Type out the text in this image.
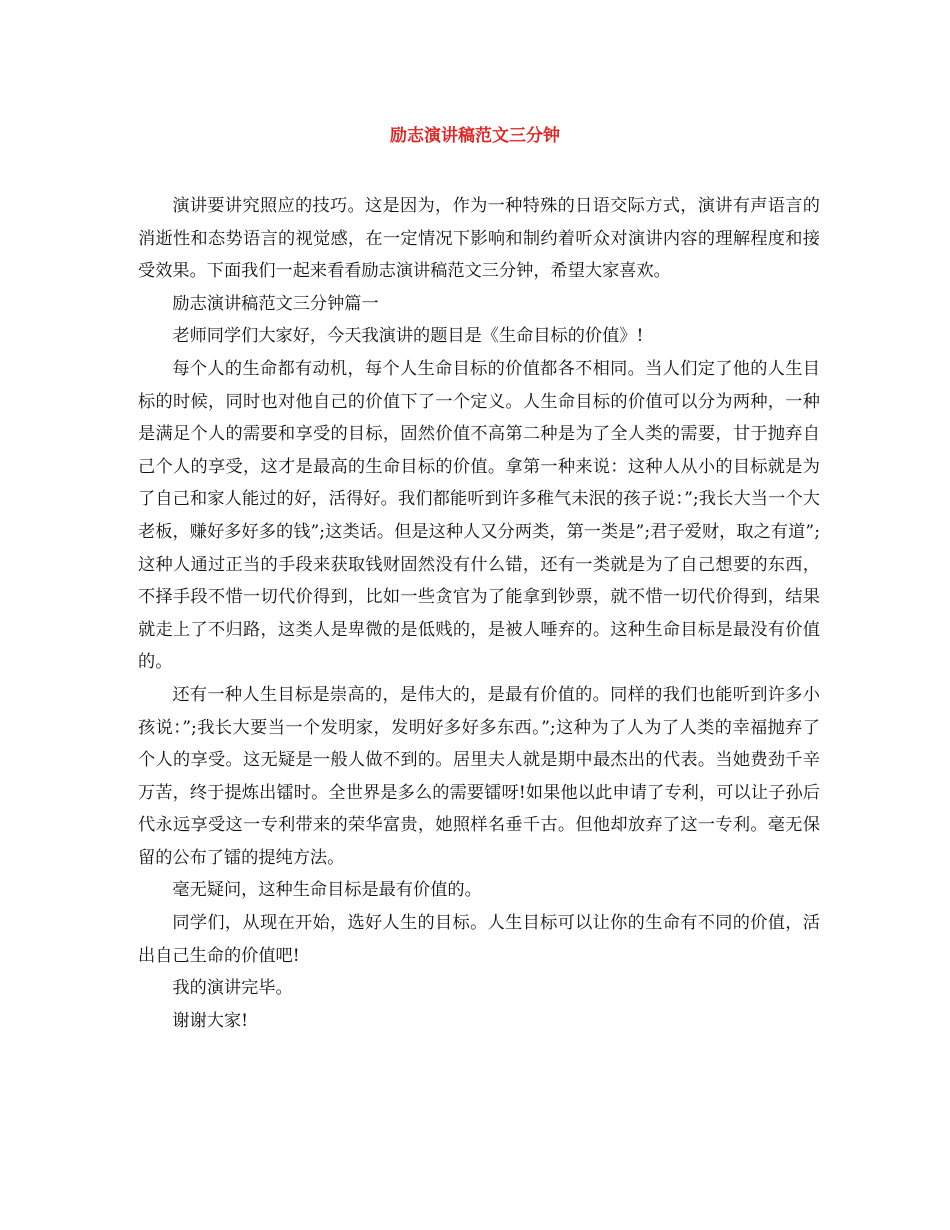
励志演讲稿范文三分钟

演讲要讲究照应的技巧。这是因为，作为一种特殊的日语交际方式，演讲有声语言的消逝性和态势语言的视觉感，在一定情况下影响和制约着听众对演讲内容的理解程度和接受效果。下面我们一起来看看励志演讲稿范文三分钟，希望大家喜欢。

励志演讲稿范文三分钟篇一

老师同学们大家好，今天我演讲的题目是《生命目标的价值》!

每个人的生命都有动机，每个人生命目标的价值都各不相同。当人们定了他的人生目标的时候，同时也对他自己的价值下了一个定义。人生命目标的价值可以分为两种，一种是满足个人的需要和享受的目标，固然价值不高第二种是为了全人类的需要，甘于抛弃自己个人的享受，这才是最高的生命目标的价值。拿第一种来说：这种人从小的目标就是为了自己和家人能过的好，活得好。我们都能听到许多稚气未泯的孩子说：”;我长大当一个大老板，赚好多好多的钱”;这类话。但是这种人又分两类，第一类是”;君子爱财，取之有道”;这种人通过正当的手段来获取钱财固然没有什么错，还有一类就是为了自己想要的东西，不择手段不惜一切代价得到，比如一些贪官为了能拿到钞票，就不惜一切代价得到，结果就走上了不归路，这类人是卑微的是低贱的，是被人唾弃的。这种生命目标是最没有价值的。

还有一种人生目标是崇高的，是伟大的，是最有价值的。同样的我们也能听到许多小孩说：”;我长大要当一个发明家，发明好多好多东西。”;这种为了人为了人类的幸福抛弃了个人的享受。这无疑是一般人做不到的。居里夫人就是期中最杰出的代表。当她费劲千辛万苦，终于提炼出镭时。全世界是多么的需要镭呀!如果他以此申请了专利，可以让子孙后代永远享受这一专利带来的荣华富贵，她照样名垂千古。但他却放弃了这一专利。毫无保留的公布了镭的提纯方法。

毫无疑问，这种生命目标是最有价值的。

同学们，从现在开始，选好人生的目标。人生目标可以让你的生命有不同的价值，活出自己生命的价值吧!

我的演讲完毕。

谢谢大家!
